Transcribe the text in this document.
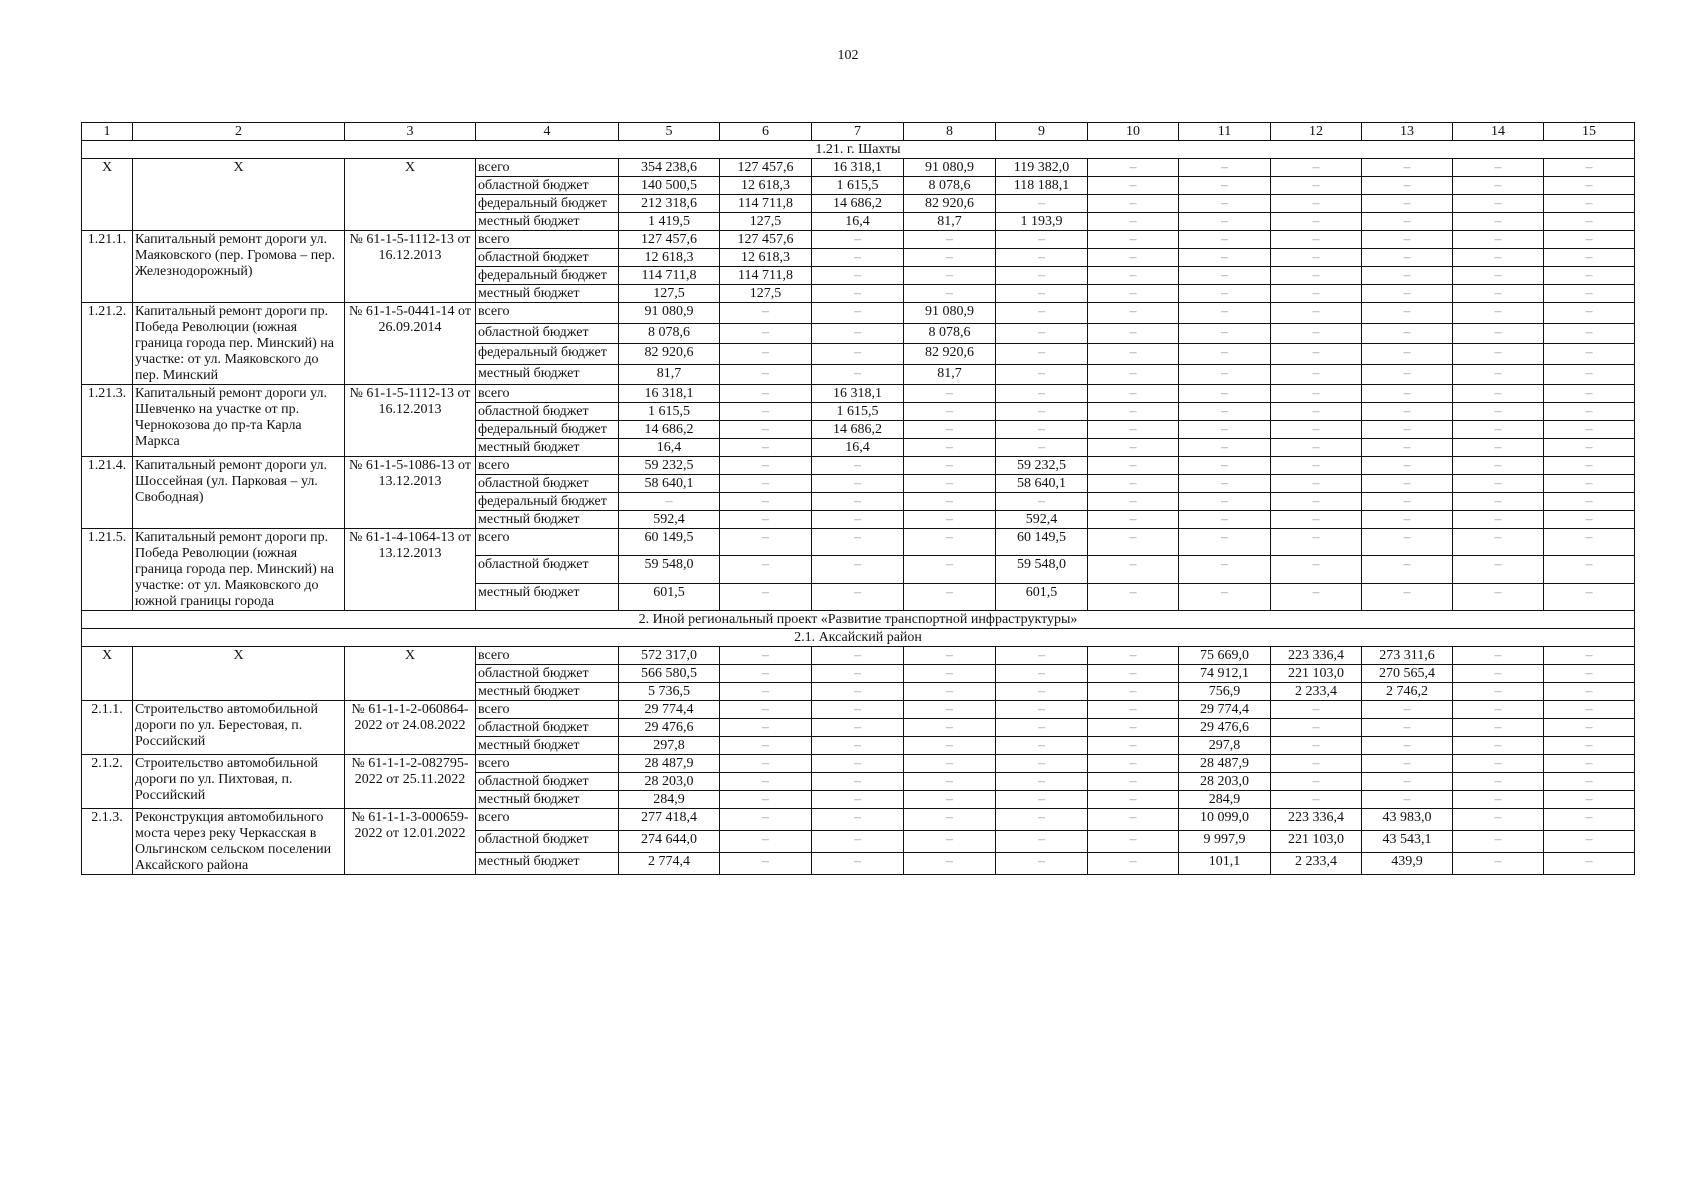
102
1	2	3	4	5	6	7	8	9	10	11	12	13	14	15
1.21. г. Шахты														
Х	Х	Х	всего	354 238,6	127 457,6	16 318,1	91 080,9	119 382,0	–	–	–	–	–	–
			областной бюджет	140 500,5	12 618,3	1 615,5	8 078,6	118 188,1	–	–	–	–	–	–
			федеральный бюджет	212 318,6	114 711,8	14 686,2	82 920,6	–	–	–	–	–	–	–
			местный бюджет	1 419,5	127,5	16,4	81,7	1 193,9	–	–	–	–	–	–
1.21.1.	Капитальный ремонт дороги ул. Маяковского (пер. Громова – пер. Железнодорожный)	№ 61-1-5-1112-13 от 16.12.2013	всего	127 457,6	127 457,6	–	–	–	–	–	–	–	–	–
			областной бюджет	12 618,3	12 618,3	–	–	–	–	–	–	–	–	–
			федеральный бюджет	114 711,8	114 711,8	–	–	–	–	–	–	–	–	–
			местный бюджет	127,5	127,5	–	–	–	–	–	–	–	–	–
1.21.2.	Капитальный ремонт дороги пр. Победа Революции (южная граница города пер. Минский) на участке: от ул. Маяковского до пер. Минский	№ 61-1-5-0441-14 от 26.09.2014	всего	91 080,9	–	–	91 080,9	–	–	–	–	–	–	–
			областной бюджет	8 078,6	–	–	8 078,6	–	–	–	–	–	–	–
			федеральный бюджет	82 920,6	–	–	82 920,6	–	–	–	–	–	–	–
			местный бюджет	81,7	–	–	81,7	–	–	–	–	–	–	–
1.21.3.	Капитальный ремонт дороги ул. Шевченко на участке от пр. Чернокозова до пр-та Карла Маркса	№ 61-1-5-1112-13 от 16.12.2013	всего	16 318,1	–	16 318,1	–	–	–	–	–	–	–	–
			областной бюджет	1 615,5	–	1 615,5	–	–	–	–	–	–	–	–
			федеральный бюджет	14 686,2	–	14 686,2	–	–	–	–	–	–	–	–
			местный бюджет	16,4	–	16,4	–	–	–	–	–	–	–	–
1.21.4.	Капитальный ремонт дороги ул. Шоссейная (ул. Парковая – ул. Свободная)	№ 61-1-5-1086-13 от 13.12.2013	всего	59 232,5	–	–	–	59 232,5	–	–	–	–	–	–
			областной бюджет	58 640,1	–	–	–	58 640,1	–	–	–	–	–	–
			федеральный бюджет	–	–	–	–	–	–	–	–	–	–	–
			местный бюджет	592,4	–	–	–	592,4	–	–	–	–	–	–
1.21.5.	Капитальный ремонт дороги пр. Победа Революции (южная граница города пер. Минский) на участке: от ул. Маяковского до южной границы города	№ 61-1-4-1064-13 от 13.12.2013	всего	60 149,5	–	–	–	60 149,5	–	–	–	–	–	–
			областной бюджет	59 548,0	–	–	–	59 548,0	–	–	–	–	–	–
			местный бюджет	601,5	–	–	–	601,5	–	–	–	–	–	–
2. Иной региональный проект «Развитие транспортной инфраструктуры»														
2.1. Аксайский район														
Х	Х	Х	всего	572 317,0	–	–	–	–	–	75 669,0	223 336,4	273 311,6	–	–
			областной бюджет	566 580,5	–	–	–	–	–	74 912,1	221 103,0	270 565,4	–	–
			местный бюджет	5 736,5	–	–	–	–	–	756,9	2 233,4	2 746,2	–	–
2.1.1.	Строительство автомобильной дороги по ул. Берестовая, п. Российский	№ 61-1-1-2-060864-2022 от 24.08.2022	всего	29 774,4	–	–	–	–	–	29 774,4	–	–	–	–
			областной бюджет	29 476,6	–	–	–	–	–	29 476,6	–	–	–	–
			местный бюджет	297,8	–	–	–	–	–	297,8	–	–	–	–
2.1.2.	Строительство автомобильной дороги по ул. Пихтовая, п. Российский	№ 61-1-1-2-082795-2022 от 25.11.2022	всего	28 487,9	–	–	–	–	–	28 487,9	–	–	–	–
			областной бюджет	28 203,0	–	–	–	–	–	28 203,0	–	–	–	–
			местный бюджет	284,9	–	–	–	–	–	284,9	–	–	–	–
2.1.3.	Реконструкция автомобильного моста через реку Черкасская в Ольгинском сельском поселении Аксайского района	№ 61-1-1-3-000659-2022 от 12.01.2022	всего	277 418,4	–	–	–	–	–	10 099,0	223 336,4	43 983,0	–	–
			областной бюджет	274 644,0	–	–	–	–	–	9 997,9	221 103,0	43 543,1	–	–
			местный бюджет	2 774,4	–	–	–	–	–	101,1	2 233,4	439,9	–	–
